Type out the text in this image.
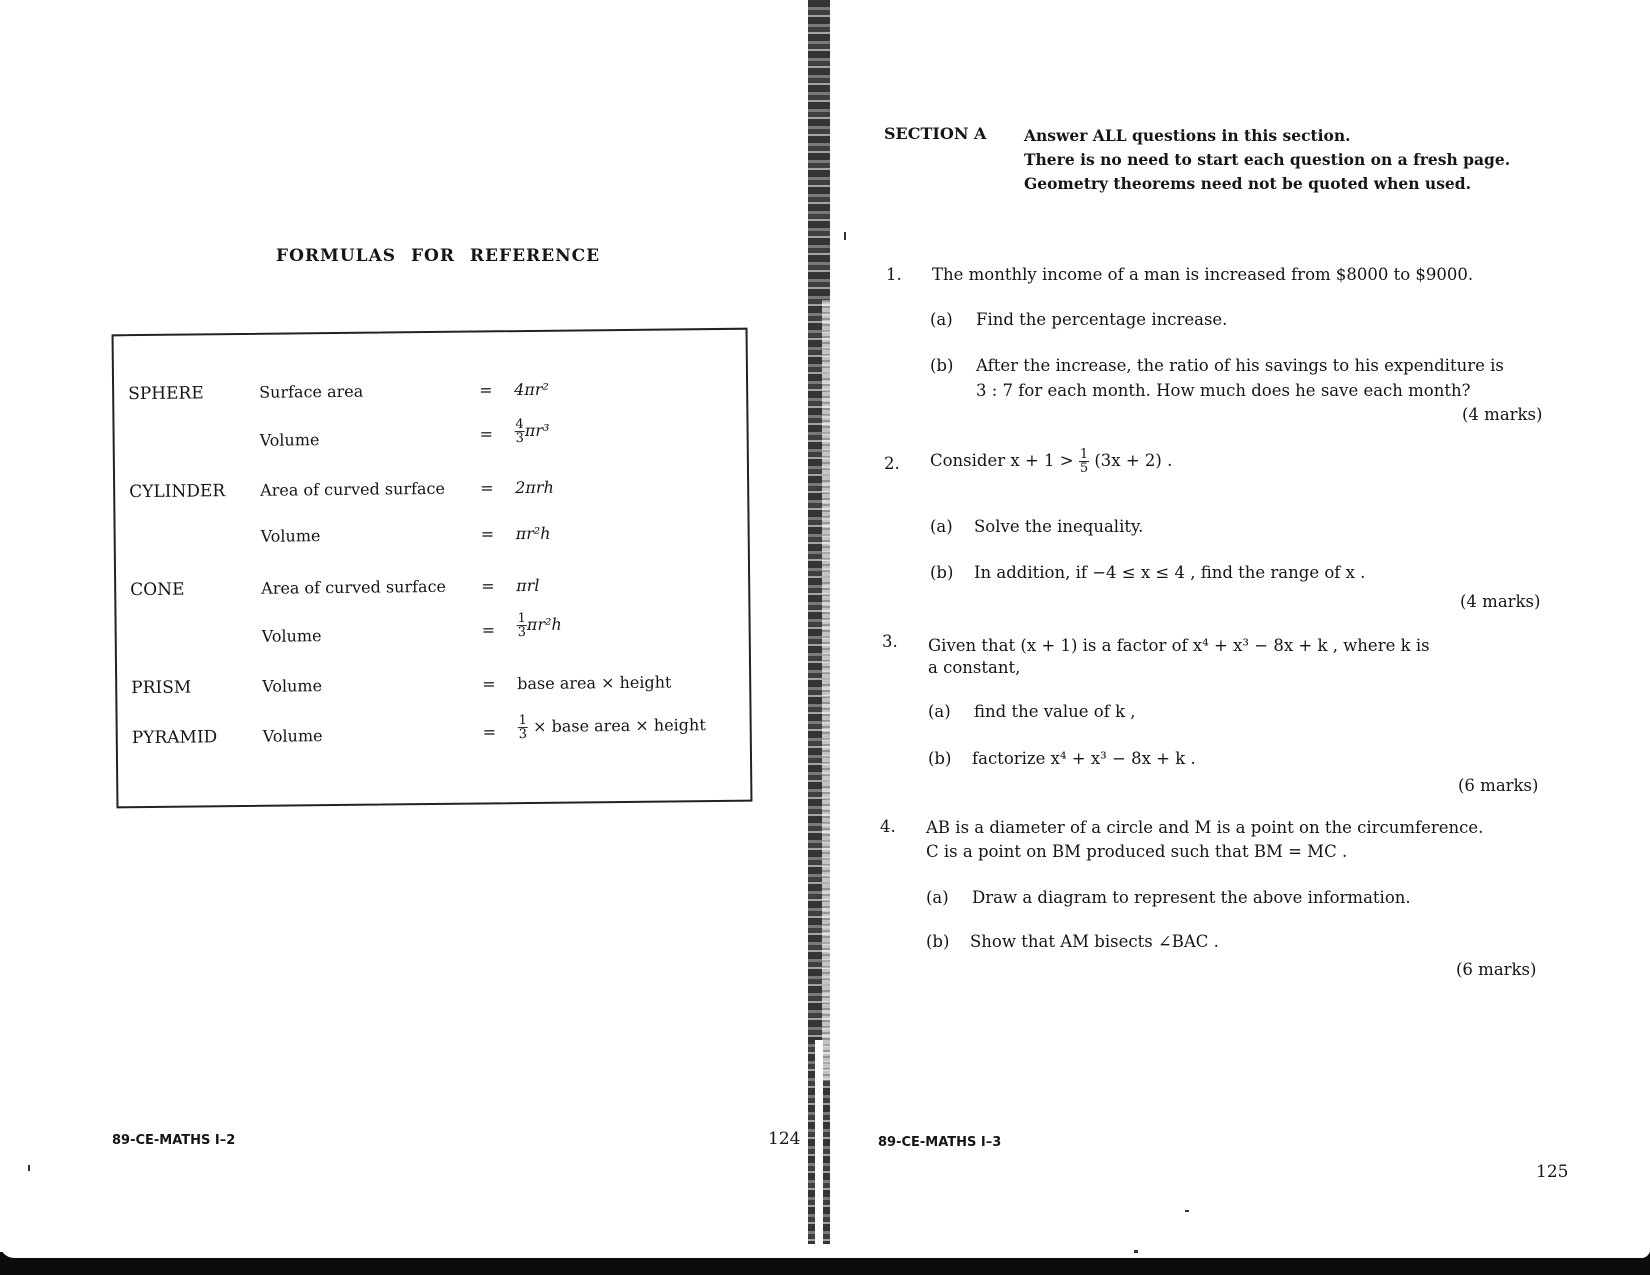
FORMULAS FOR REFERENCE
SPHERE	Surface area	= 4πr²
Volume	= $\frac{4}{3} \pi r^3$
CYLINDER Area of curved surface = 2πrh
Volume	= πr²h
CONE	Area of curved surface = πrl
Volume	= $\frac{1}{3} \pi r^2h$
PRISM	Volume	= base area × height
PYRAMID	Volume	= $\frac{1}{3}$ × base area × height
89-CE-MATHS I–2	124
SECTION A Answer ALL questions in this section.
There is no need to start each question on a fresh page.
Geometry theorems need not be quoted when used.
1. The monthly income of a man is increased from $8000 to $9000.
(a) Find the percentage increase.
(b) After the increase, the ratio of his savings to his expenditure is
3 : 7 for each month. How much does he save each month?
(4 marks)
2. Consider $x + 1 > \frac{1}{5} (3x + 2)$ .
(a) Solve the inequality.
(b) In addition, if −4 ≤ x ≤ 4 , find the range of x .
(4 marks)
3. Given that (x + 1) is a factor of x⁴ + x³ − 8x + k , where k is
a constant,
(a) find the value of k ,
(b) factorize x⁴ + x³ − 8x + k .
(6 marks)
4. AB is a diameter of a circle and M is a point on the circumference.
C is a point on BM produced such that BM = MC .
(a) Draw a diagram to represent the above information.
(b) Show that AM bisects ∠BAC .
(6 marks)
89-CE-MATHS I–3
125
